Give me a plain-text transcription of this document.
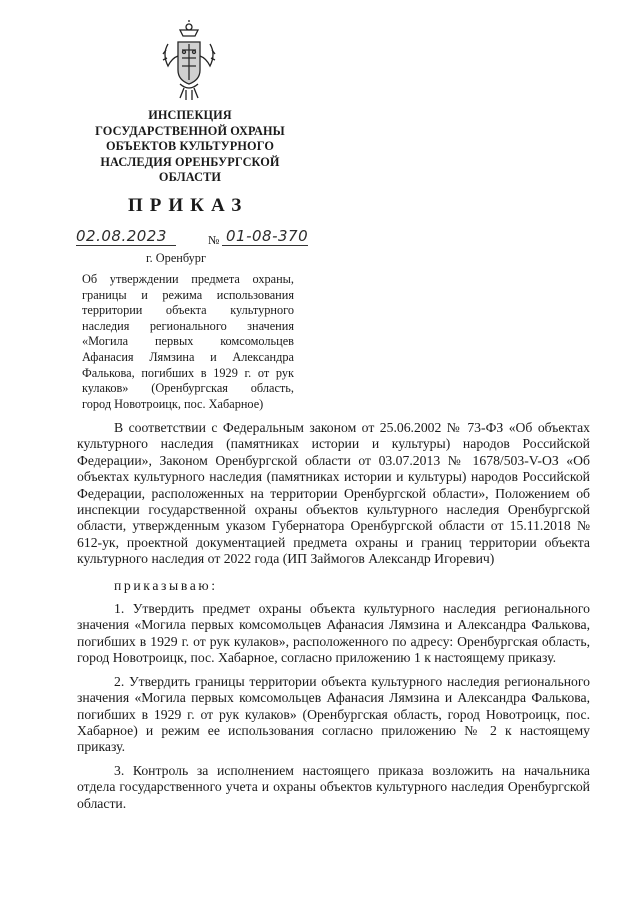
ИНСПЕКЦИЯ
ГОСУДАРСТВЕННОЙ ОХРАНЫ
ОБЪЕКТОВ КУЛЬТУРНОГО
НАСЛЕДИЯ ОРЕНБУРГСКОЙ
ОБЛАСТИ
ПРИКАЗ
02.08.2023	№ 01-08-370
г. Оренбург
Об утверждении предмета охраны,
границы и режима использования
территории объекта культурного
наследия регионального значения
«Могила первых комсомольцев
Афанасия Лямзина и Александра
Фалькова, погибших в 1929 г. от рук
кулаков» (Оренбургская область,
город Новотроицк, пос. Хабарное)

В соответствии с Федеральным законом от 25.06.2002 № 73-ФЗ «Об объектах культурного наследия (памятниках истории и культуры) народов Российской Федерации», Законом Оренбургской области от 03.07.2013 № 1678/503-V-ОЗ «Об объектах культурного наследия (памятниках истории и культуры) народов Российской Федерации, расположенных на территории Оренбургской области», Положением об инспекции государственной охраны объектов культурного наследия Оренбургской области, утвержденным указом Губернатора Оренбургской области от 15.11.2018 № 612-ук, проектной документацией предмета охраны и границ территории объекта культурного наследия от 2022 года (ИП Займогов Александр Игоревич)

приказываю:

1. Утвердить предмет охраны объекта культурного наследия регионального значения «Могила первых комсомольцев Афанасия Лямзина и Александра Фалькова, погибших в 1929 г. от рук кулаков», расположенного по адресу: Оренбургская область, город Новотроицк, пос. Хабарное, согласно приложению 1 к настоящему приказу.

2. Утвердить границы территории объекта культурного наследия регионального значения «Могила первых комсомольцев Афанасия Лямзина и Александра Фалькова, погибших в 1929 г. от рук кулаков» (Оренбургская область, город Новотроицк, пос. Хабарное) и режим ее использования согласно приложению № 2 к настоящему приказу.

3. Контроль за исполнением настоящего приказа возложить на начальника отдела государственного учета и охраны объектов культурного наследия Оренбургской области.
